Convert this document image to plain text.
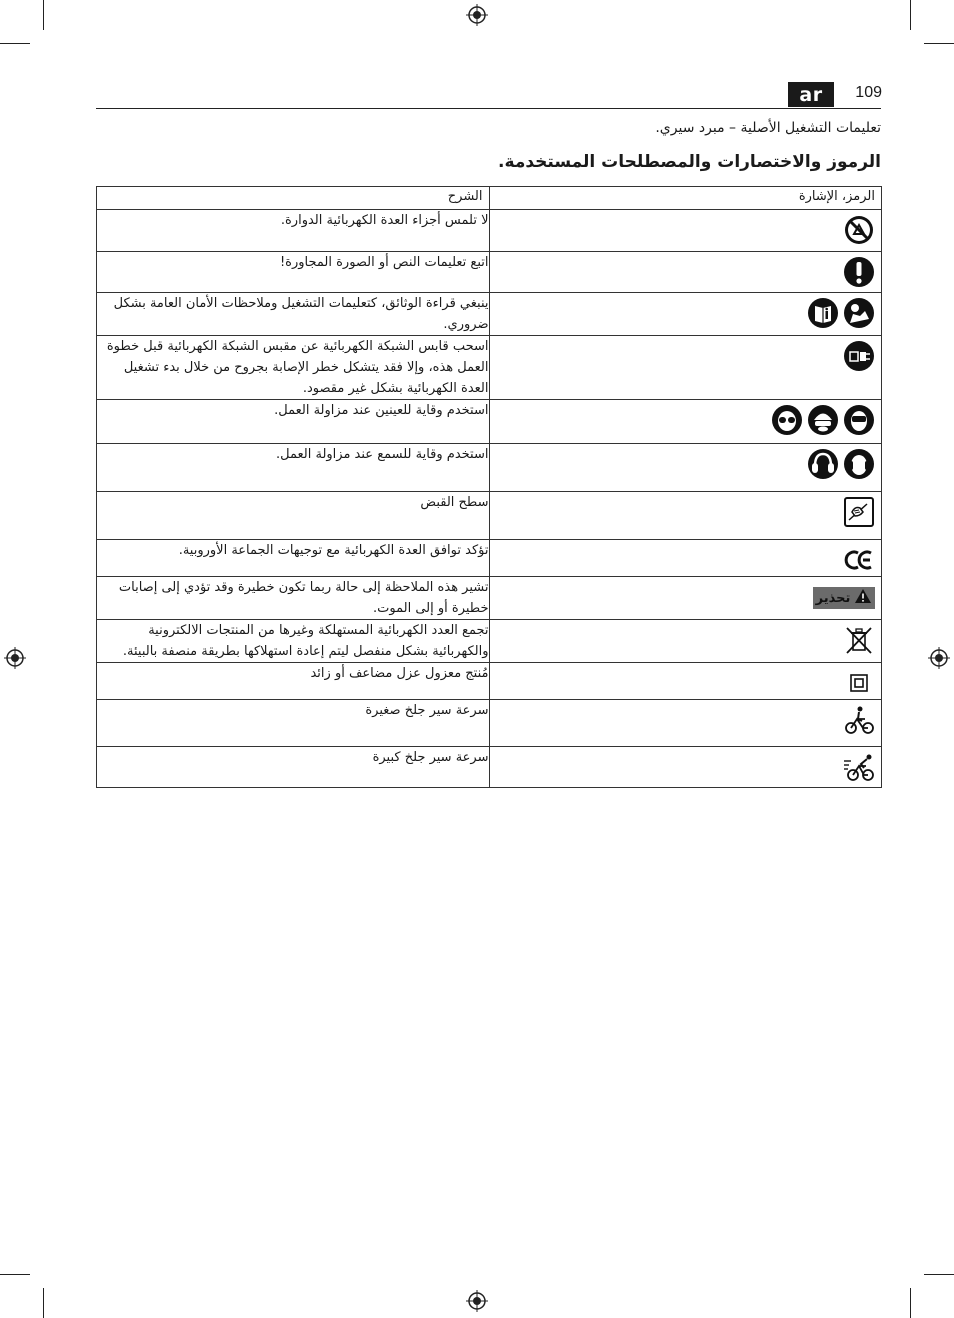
ar	109
تعليمات التشغيل الأصلية – مبرد سيري.
الرموز والاختصارات والمصطلحات المستخدمة.
الرمز، الإشارة	الشرح

	لا تلمس أجزاء العدة الكهربائية الدوارة.

	اتبع تعليمات النص أو الصورة المجاورة!

	ينبغي قراءة الوثائق، كتعليمات التشغيل وملاحظات الأمان العامة بشكل ضروري.

	اسحب قابس الشبكة الكهربائية عن مقبس الشبكة الكهربائية قبل خطوة العمل هذه، وإلا فقد يتشكل خطر الإصابة بجروح من خلال بدء تشغيل العدة الكهربائية بشكل غير مقصود.

	استخدم وقاية للعينين عند مزاولة العمل.

	استخدم وقاية للسمع عند مزاولة العمل.

	سطح القبض

	تؤكد توافق العدة الكهربائية مع توجيهات الجماعة الأوروبية.

تحذير	تشير هذه الملاحظة إلى حالة ربما تكون خطيرة وقد تؤدي إلى إصابات خطيرة أو إلى الموت.

	تجمع العدد الكهربائية المستهلكة وغيرها من المنتجات الالكترونية والكهربائية بشكل منفصل ليتم إعادة استهلاكها بطريقة منصفة بالبيئة.

	مُنتج معزول عزل مضاعف أو زائد

	سرعة سير جلخ صغيرة

	سرعة سير جلخ كبيرة
